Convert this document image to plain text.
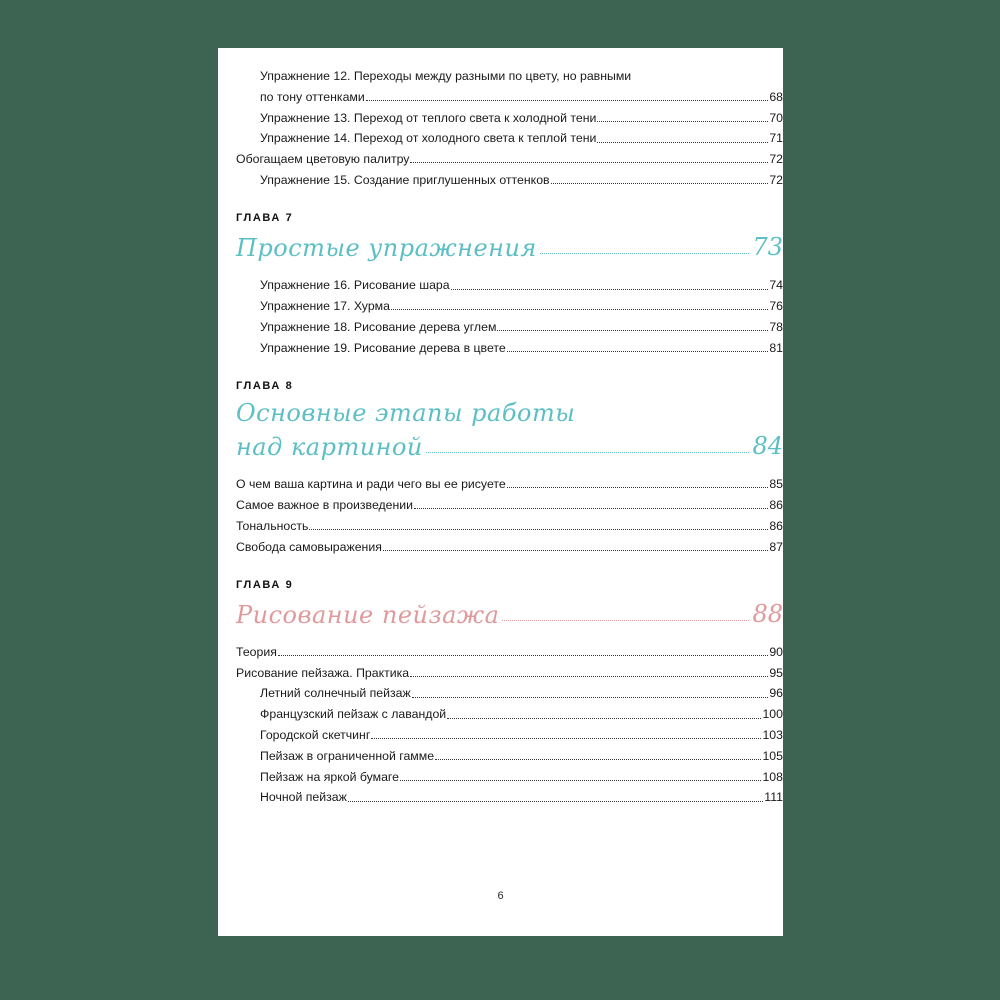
Упражнение 12. Переходы между разными по цвету, но равными
по тону оттенками	68
Упражнение 13. Переход от теплого света к холодной тени	70
Упражнение 14. Переход от холодного света к теплой тени	71
Обогащаем цветовую палитру	72
Упражнение 15. Создание приглушенных оттенков	72
ГЛАВА 7
Простые упражнения	73
Упражнение 16. Рисование шара	74
Упражнение 17. Хурма	76
Упражнение 18. Рисование дерева углем	78
Упражнение 19. Рисование дерева в цвете	81
ГЛАВА 8
Основные этапы работы
над картиной	84
О чем ваша картина и ради чего вы ее рисуете	85
Самое важное в произведении	86
Тональность	86
Свобода самовыражения	87
ГЛАВА 9
Рисование пейзажа	88
Теория	90
Рисование пейзажа. Практика	95
Летний солнечный пейзаж	96
Французский пейзаж с лавандой	100
Городской скетчинг	103
Пейзаж в ограниченной гамме	105
Пейзаж на яркой бумаге	108
Ночной пейзаж	111
6
